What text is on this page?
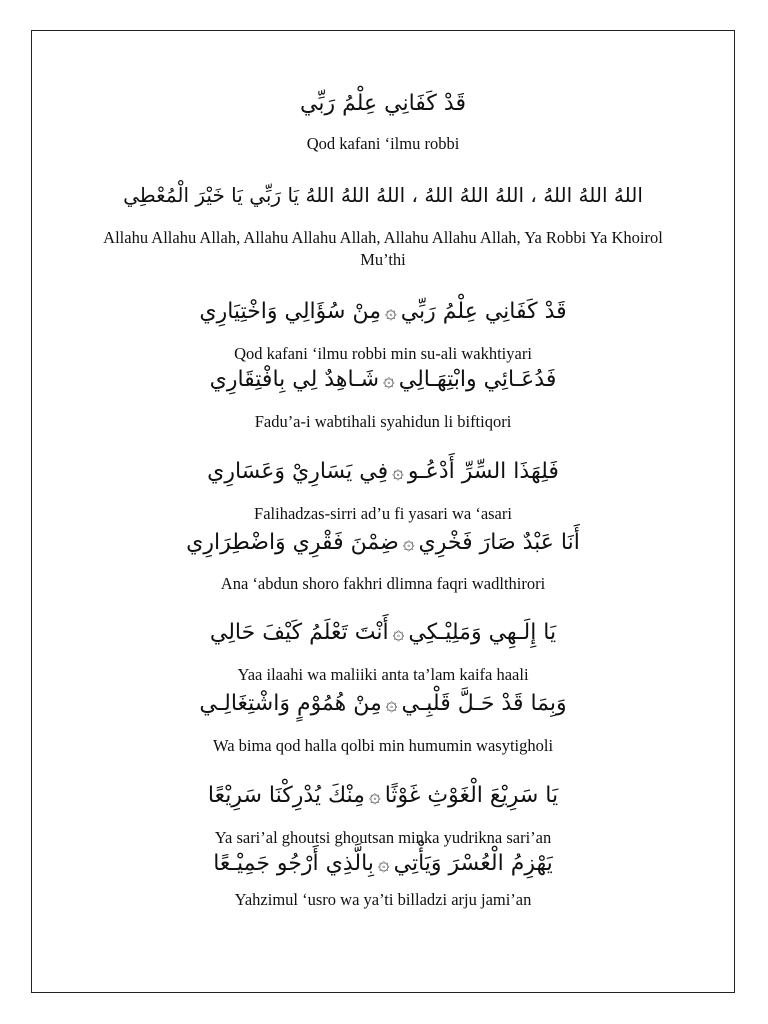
قَدْ كَفَانِي عِلْمُ رَبِّي
Qod kafani ‘ilmu robbi
اللهُ اللهُ اللهُ ، اللهُ اللهُ اللهُ ، اللهُ اللهُ اللهُ يَا رَبِّي يَا خَيْرَ الْمُعْطِي
Allahu Allahu Allah, Allahu Allahu Allah, Allahu Allahu Allah, Ya Robbi Ya Khoirol
Mu’thi
قَدْ كَفَانِي عِلْمُ رَبِّي۞مِنْ سُؤَالِي وَاخْتِيَارِي
Qod kafani ‘ilmu robbi min su-ali wakhtiyari
فَدُعَـائِي وابْتِهَـالِي۞شَـاهِدٌ لِي بِافْتِقَارِي
Fadu’a-i wabtihali syahidun li biftiqori
فَلِهَذَا السِّرِّ أَدْعُـو۞فِي يَسَارِيْ وَعَسَارِي
Falihadzas-sirri ad’u fi yasari wa ‘asari
أَنَا عَبْدٌ صَارَ فَخْرِي۞ضِمْنَ فَقْرِي وَاضْطِرَارِي
Ana ‘abdun shoro fakhri dlimna faqri wadlthirori
يَا إِلَـهِي وَمَلِيْـكِي۞أَنْتَ تَعْلَمُ كَيْفَ حَالِي
Yaa ilaahi wa maliiki anta ta’lam kaifa haali
وَبِمَا قَدْ حَـلَّ قَلْبِـي۞مِنْ هُمُوْمٍ وَاشْتِغَالِـي
Wa bima qod halla qolbi min humumin wasytigholi
يَا سَرِيْعَ الْغَوْثِ غَوْثًا۞مِنْكَ يُدْرِكْنَا سَرِيْعًا
Ya sari’al ghoutsi ghoutsan minka yudrikna sari’an
يَهْزِمُ الْعُسْرَ وَيَأْتِي۞بِالَّذِي أَرْجُو جَمِيْـعًا
Yahzimul ‘usro wa ya’ti billadzi arju jami’an
